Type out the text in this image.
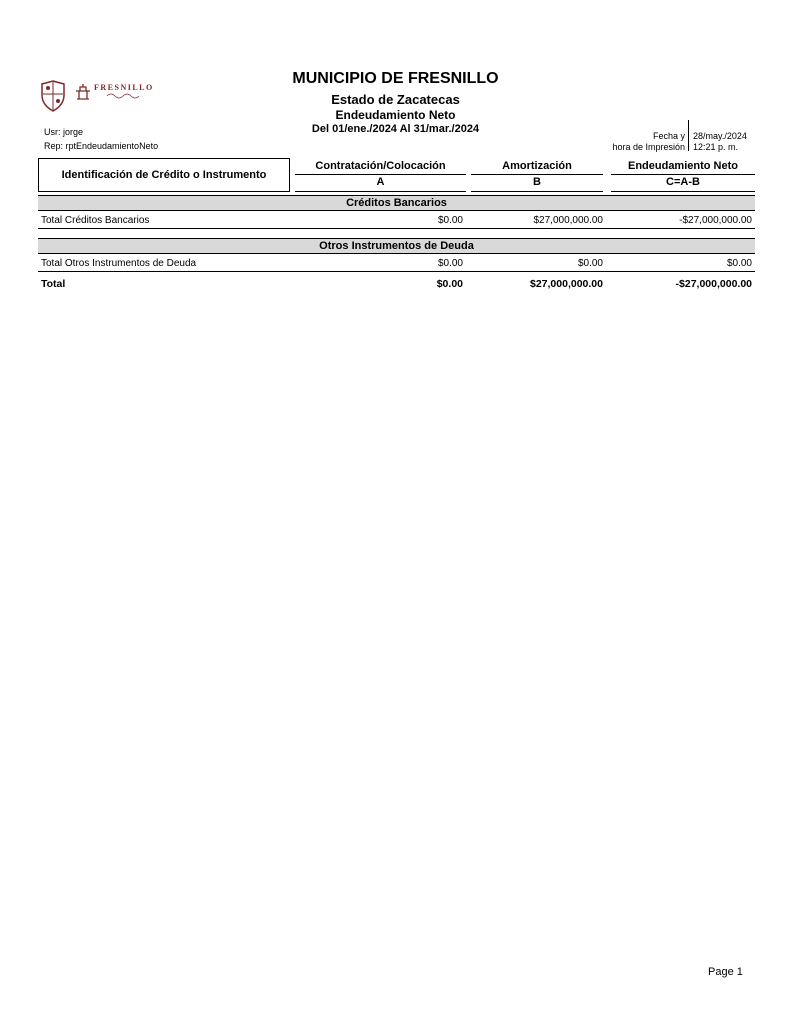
FRESNILLO
MUNICIPIO DE FRESNILLO
Estado de Zacatecas
Endeudamiento Neto
Del 01/ene./2024 Al 31/mar./2024
Usr: jorge
Rep: rptEndeudamientoNeto
Fecha y 28/may./2024
hora de Impresión 12:21 p. m.
Identificación de Crédito o Instrumento
Contratación/Colocación
A
Amortización
B
Endeudamiento Neto
C=A-B
Créditos Bancarios
Total Créditos Bancarios	$0.00	$27,000,000.00	-$27,000,000.00
Otros Instrumentos de Deuda
Total Otros Instrumentos de Deuda	$0.00	$0.00	$0.00
Total	$0.00	$27,000,000.00	-$27,000,000.00
Page 1
